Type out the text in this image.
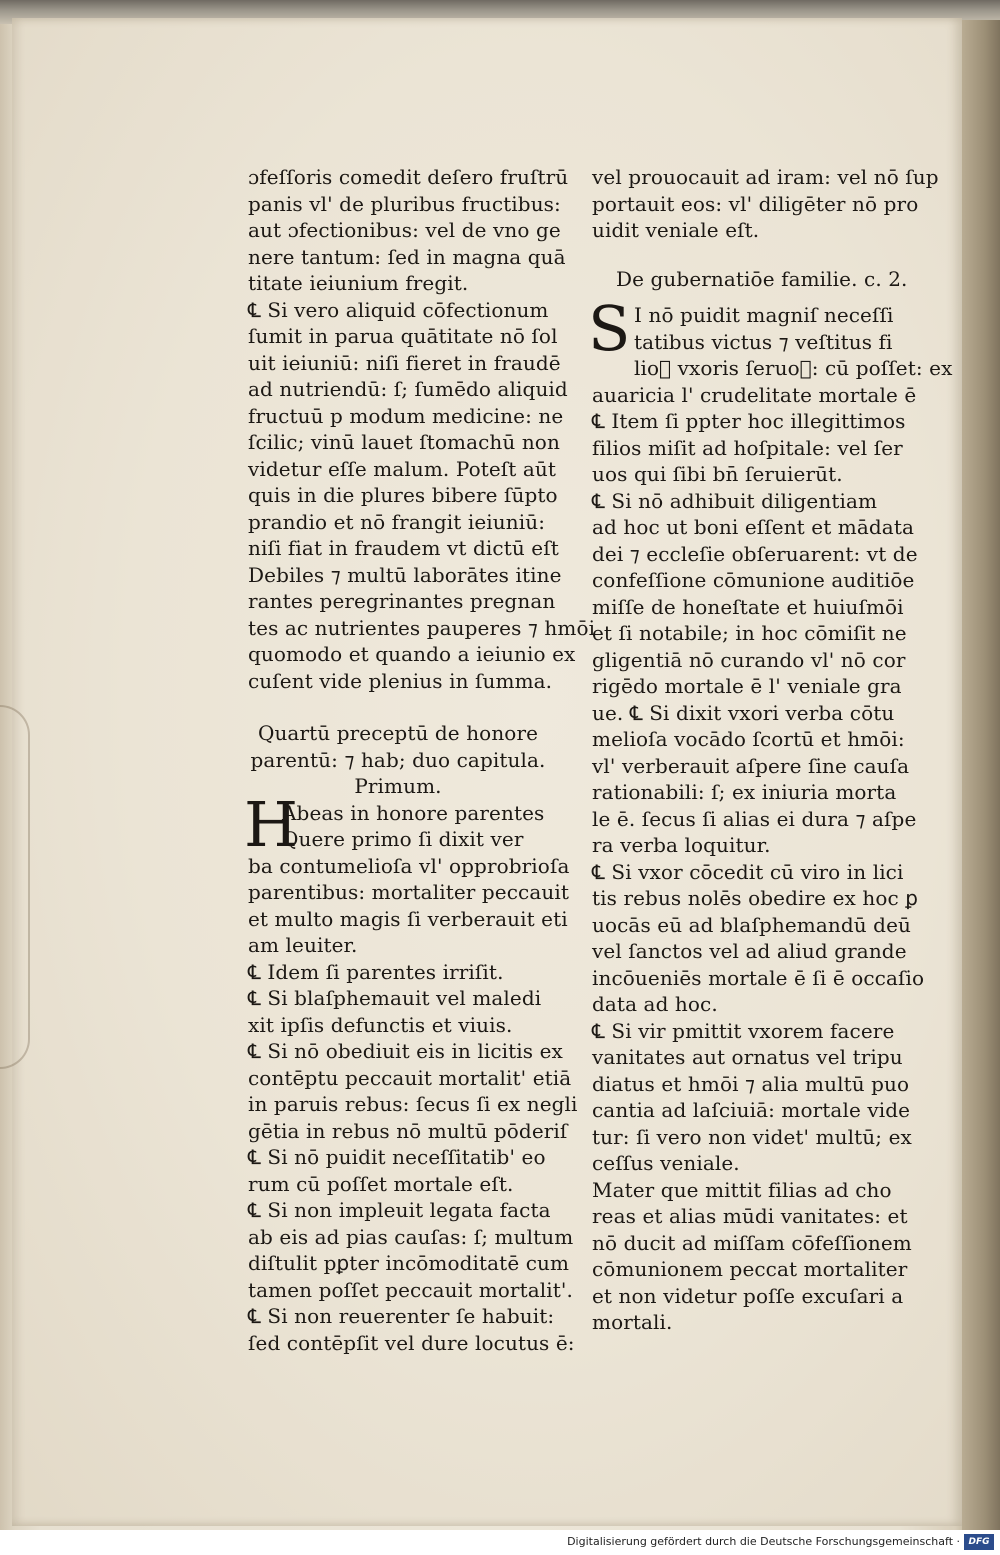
ɔfeſſoris comedit deſero fruſtrū
panis vl' de pluribus fructibus:
aut ɔfectionibus: vel de vno ge
nere tantum: ſed in magna quā
titate ieiunium fregit.
℄ Si vero aliquid cōfectionum
ſumit in parua quātitate nō ſol
uit ieiuniū: niſi fieret in fraudē
ad nutriendū: ſ; ſumēdo aliquid
fructuū p modum medicine: ne
ſcilic; vinū lauet ſtomachū non
videtur eſſe malum. Poteſt aūt
quis in die plures bibere ſūpto
prandio et nō frangit ieiuniū:
niſi fiat in fraudem vt dictū eſt
Debiles ⁊ multū laborātes itine
rantes peregrinantes pregnan
tes ac nutrientes pauperes ⁊ hmōi
quomodo et quando a ieiunio ex
cuſent vide plenius in ſumma.
Quartū preceptū de honore
parentū: ⁊ hab; duo capitula.
Primum.
H
Abeas in honore parentes
Quere primo ſi dixit ver
ba contumelioſa vl' opprobrioſa
parentibus: mortaliter peccauit
et multo magis ſi verberauit eti
am leuiter.
℄ Idem ſi parentes irriſit.
℄ Si blaſphemauit vel maledi
xit ipſis defunctis et viuis.
℄ Si nō obediuit eis in licitis ex
contēptu peccauit mortalit' etiā
in paruis rebus: ſecus ſi ex negli
gētia in rebus nō multū pōderiſ
℄ Si nō puidit neceſſitatib' eo
rum cū poſſet mortale eſt.
℄ Si non impleuit legata facta
ab eis ad pias cauſas: ſ; multum
diſtulit pꝑter incōmoditatē cum
tamen poſſet peccauit mortalit'.
℄ Si non reuerenter ſe habuit:
ſed contēpſit vel dure locutus ē:
vel prouocauit ad iram: vel nō ſup
portauit eos: vl' diligēter nō pro
uidit veniale eſt.
De gubernatiōe familie. c. 2.
S I nō puidit magniſ neceſſi
tatibus victus ⁊ veſtitus fi
lio᷑ vxoris ſeruo᷑: cū poſſet: ex
auaricia l' crudelitate mortale ē
℄ Item ſi ppter hoc illegittimos
filios miſit ad hoſpitale: vel ſer
uos qui ſibi bn̄ ſeruierūt.
℄ Si nō adhibuit diligentiam
ad hoc ut boni eſſent et mādata
dei ⁊ eccleſie obſeruarent: vt de
confeſſione cōmunione auditiōe
miſſe de honeſtate et huiuſmōi
et ſi notabile; in hoc cōmiſit ne
gligentiā nō curando vl' nō cor
rigēdo mortale ē l' veniale gra
ue. ℄ Si dixit vxori verba cōtu
melioſa vocādo ſcortū et hmōi:
vl' verberauit aſpere ſine cauſa
rationabili: ſ; ex iniuria morta
le ē. ſecus ſi alias ei dura ⁊ aſpe
ra verba loquitur.
℄ Si vxor cōcedit cū viro in lici
tis rebus nolēs obedire ex hoc ꝑ
uocās eū ad blaſphemandū deū
vel ſanctos vel ad aliud grande
incōueniēs mortale ē ſi ē occaſio
data ad hoc.
℄ Si vir pmittit vxorem facere
vanitates aut ornatus vel tripu
diatus et hmōi ⁊ alia multū puo
cantia ad laſciuiā: mortale vide
tur: ſi vero non videt' multū; ex
ceſſus veniale.
Mater que mittit filias ad cho
reas et alias mūdi vanitates: et
nō ducit ad miſſam cōfeſſionem
cōmunionem peccat mortaliter
et non videtur poſſe excuſari a
mortali.
Digitalisierung gefördert durch die Deutsche Forschungsgemeinschaft · DFG
